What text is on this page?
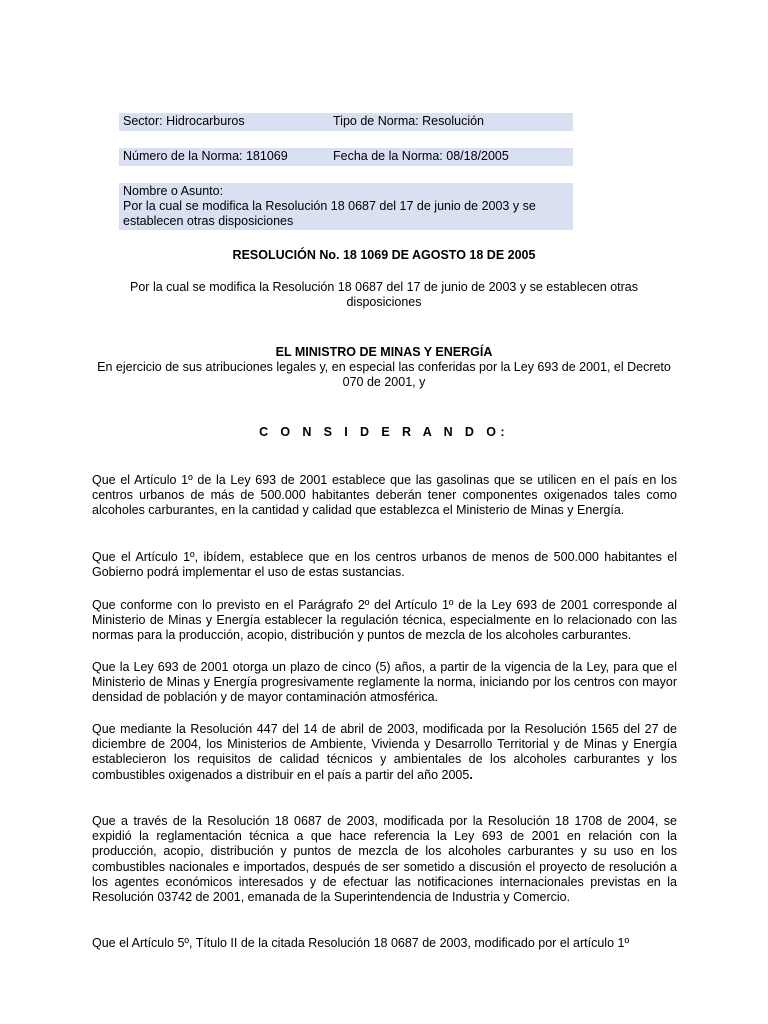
Sector: Hidrocarburos	Tipo de Norma: Resolución
Número de la Norma: 181069	Fecha de la Norma: 08/18/2005
Nombre o Asunto:
Por la cual se modifica la Resolución 18 0687 del 17 de junio de 2003 y se
establecen otras disposiciones
RESOLUCIÓN No. 18 1069 DE AGOSTO 18 DE 2005
Por la cual se modifica la Resolución 18 0687 del 17 de junio de 2003 y se establecen otras disposiciones
EL MINISTRO DE MINAS Y ENERGÍA
En ejercicio de sus atribuciones legales y, en especial las conferidas por la Ley 693 de 2001, el Decreto 070 de 2001, y
C O N S I D E R A N D O:
Que el Artículo 1º de la Ley 693 de 2001 establece que las gasolinas que se utilicen en el país en los centros urbanos de más de 500.000 habitantes deberán tener componentes oxigenados tales como alcoholes carburantes, en la cantidad y calidad que establezca el Ministerio de Minas y Energía.
Que el Artículo 1º, ibídem, establece que en los centros urbanos de menos de 500.000 habitantes el Gobierno podrá implementar el uso de estas sustancias.
Que conforme con lo previsto en el Parágrafo 2º del Artículo 1º de la Ley 693 de 2001 corresponde al Ministerio de Minas y Energía establecer la regulación técnica, especialmente en lo relacionado con las normas para la producción, acopio, distribución y puntos de mezcla de los alcoholes carburantes.
Que la Ley 693 de 2001 otorga un plazo de cinco (5) años, a partir de la vigencia de la Ley, para que el Ministerio de Minas y Energía progresivamente reglamente la norma, iniciando por los centros con mayor densidad de población y de mayor contaminación atmosférica.
Que mediante la Resolución 447 del 14 de abril de 2003, modificada por la Resolución 1565 del 27 de diciembre de 2004, los Ministerios de Ambiente, Vivienda y Desarrollo Territorial y de Minas y Energía establecieron los requisitos de calidad técnicos y ambientales de los alcoholes carburantes y los combustibles oxigenados a distribuir en el país a partir del año 2005.
Que a través de la Resolución 18 0687 de 2003, modificada por la Resolución 18 1708 de 2004, se expidió la reglamentación técnica a que hace referencia la Ley 693 de 2001 en relación con la producción, acopio, distribución y puntos de mezcla de los alcoholes carburantes y su uso en los combustibles nacionales e importados, después de ser sometido a discusión el proyecto de resolución a los agentes económicos interesados y de efectuar las notificaciones internacionales previstas en la Resolución 03742 de 2001, emanada de la Superintendencia de Industria y Comercio.
Que el Artículo 5º, Título II de la citada Resolución 18 0687 de 2003, modificado por el artículo 1º
